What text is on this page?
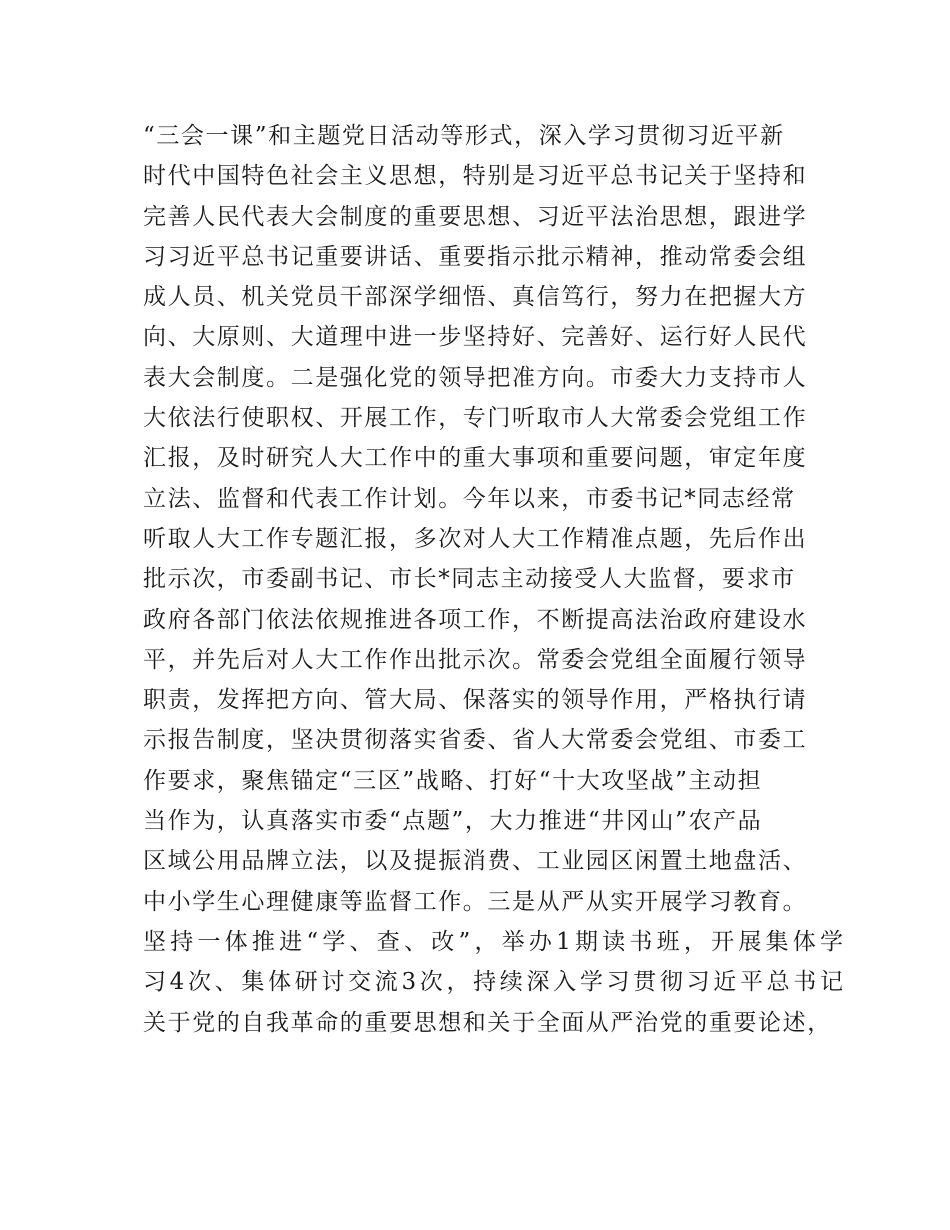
“三会一课”和主题党日活动等形式，深入学习贯彻习近平新
时代中国特色社会主义思想，特别是习近平总书记关于坚持和
完善人民代表大会制度的重要思想、习近平法治思想，跟进学
习习近平总书记重要讲话、重要指示批示精神，推动常委会组
成人员、机关党员干部深学细悟、真信笃行，努力在把握大方
向、大原则、大道理中进一步坚持好、完善好、运行好人民代
表大会制度。二是强化党的领导把准方向。市委大力支持市人
大依法行使职权、开展工作，专门听取市人大常委会党组工作
汇报，及时研究人大工作中的重大事项和重要问题，审定年度
立法、监督和代表工作计划。今年以来，市委书记*同志经常
听取人大工作专题汇报，多次对人大工作精准点题，先后作出
批示次，市委副书记、市长*同志主动接受人大监督，要求市
政府各部门依法依规推进各项工作，不断提高法治政府建设水
平，并先后对人大工作作出批示次。常委会党组全面履行领导
职责，发挥把方向、管大局、保落实的领导作用，严格执行请
示报告制度，坚决贯彻落实省委、省人大常委会党组、市委工
作要求，聚焦锚定“三区”战略、打好“十大攻坚战”主动担
当作为，认真落实市委“点题”，大力推进“井冈山”农产品
区域公用品牌立法，以及提振消费、工业园区闲置土地盘活、
中小学生心理健康等监督工作。三是从严从实开展学习教育。
坚持一体推进“学、查、改”，举办1期读书班，开展集体学
习4次、集体研讨交流3次，持续深入学习贯彻习近平总书记
关于党的自我革命的重要思想和关于全面从严治党的重要论述，
